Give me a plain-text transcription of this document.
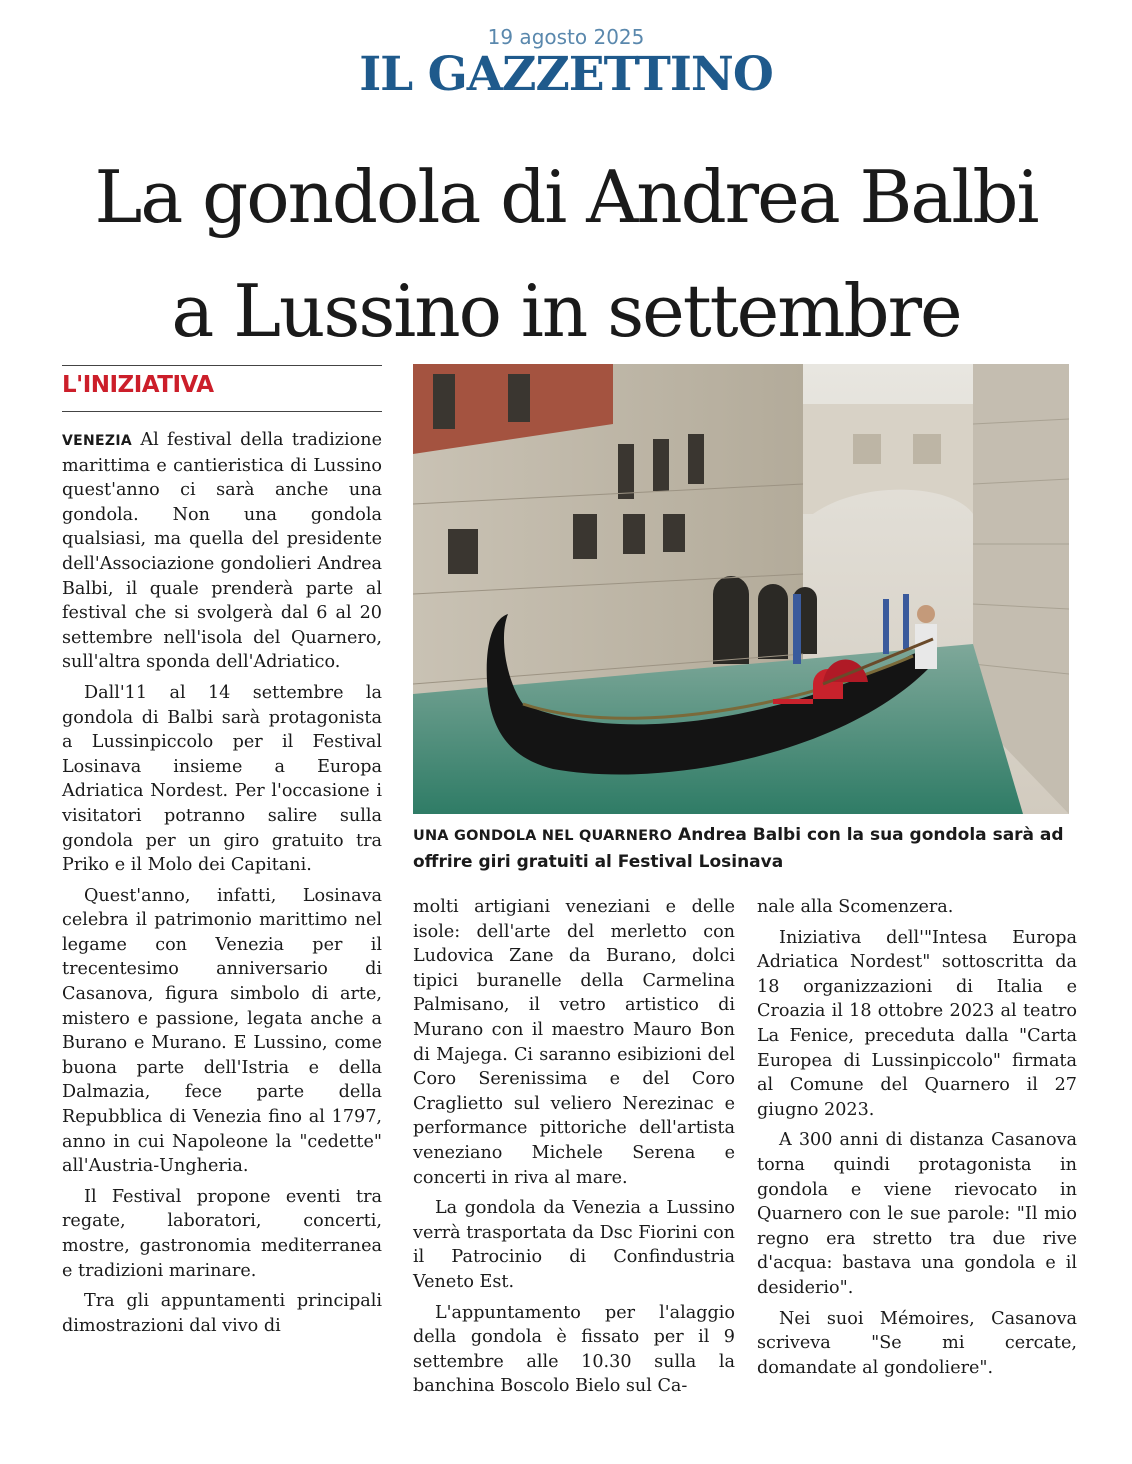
19 agosto 2025
IL GAZZETTINO
La gondola di Andrea Balbi
a Lussino in settembre
L'INIZIATIVA

VENEZIA Al festival della tradizione marittima e cantieristica di Lussino quest'anno ci sarà anche una gondola. Non una gondola qualsiasi, ma quella del presidente dell'Associazione gondolieri Andrea Balbi, il quale prenderà parte al festival che si svolgerà dal 6 al 20 settembre nell'isola del Quarnero, sull'altra sponda dell'Adriatico.

Dall'11 al 14 settembre la gondola di Balbi sarà protagonista a Lussinpiccolo per il Festival Losinava insieme a Europa Adriatica Nordest. Per l'occasione i visitatori potranno salire sulla gondola per un giro gratuito tra Priko e il Molo dei Capitani.

Quest'anno, infatti, Losinava celebra il patrimonio marittimo nel legame con Venezia per il trecentesimo anniversario di Casanova, figura simbolo di arte, mistero e passione, legata anche a Burano e Murano. E Lussino, come buona parte dell'Istria e della Dalmazia, fece parte della Repubblica di Venezia fino al 1797, anno in cui Napoleone la "cedette" all'Austria-Ungheria.

Il Festival propone eventi tra regate, laboratori, concerti, mostre, gastronomia mediterranea e tradizioni marinare.

Tra gli appuntamenti principali dimostrazioni dal vivo di

UNA GONDOLA NEL QUARNERO Andrea Balbi con la sua gondola sarà ad offrire giri gratuiti al Festival Losinava

molti artigiani veneziani e delle isole: dell'arte del merletto con Ludovica Zane da Burano, dolci tipici buranelle della Carmelina Palmisano, il vetro artistico di Murano con il maestro Mauro Bon di Majega. Ci saranno esibizioni del Coro Serenissima e del Coro Craglietto sul veliero Nerezinac e performance pittoriche dell'artista veneziano Michele Serena e concerti in riva al mare.

La gondola da Venezia a Lussino verrà trasportata da Dsc Fiorini con il Patrocinio di Confindustria Veneto Est.

L'appuntamento per l'alaggio della gondola è fissato per il 9 settembre alle 10.30 sulla la banchina Boscolo Bielo sul Ca-

nale alla Scomenzera.

Iniziativa dell'"Intesa Europa Adriatica Nordest" sottoscritta da 18 organizzazioni di Italia e Croazia il 18 ottobre 2023 al teatro La Fenice, preceduta dalla "Carta Europea di Lussinpiccolo" firmata al Comune del Quarnero il 27 giugno 2023.

A 300 anni di distanza Casanova torna quindi protagonista in gondola e viene rievocato in Quarnero con le sue parole: "Il mio regno era stretto tra due rive d'acqua: bastava una gondola e il desiderio".

Nei suoi Mémoires, Casanova scriveva "Se mi cercate, domandate al gondoliere".
